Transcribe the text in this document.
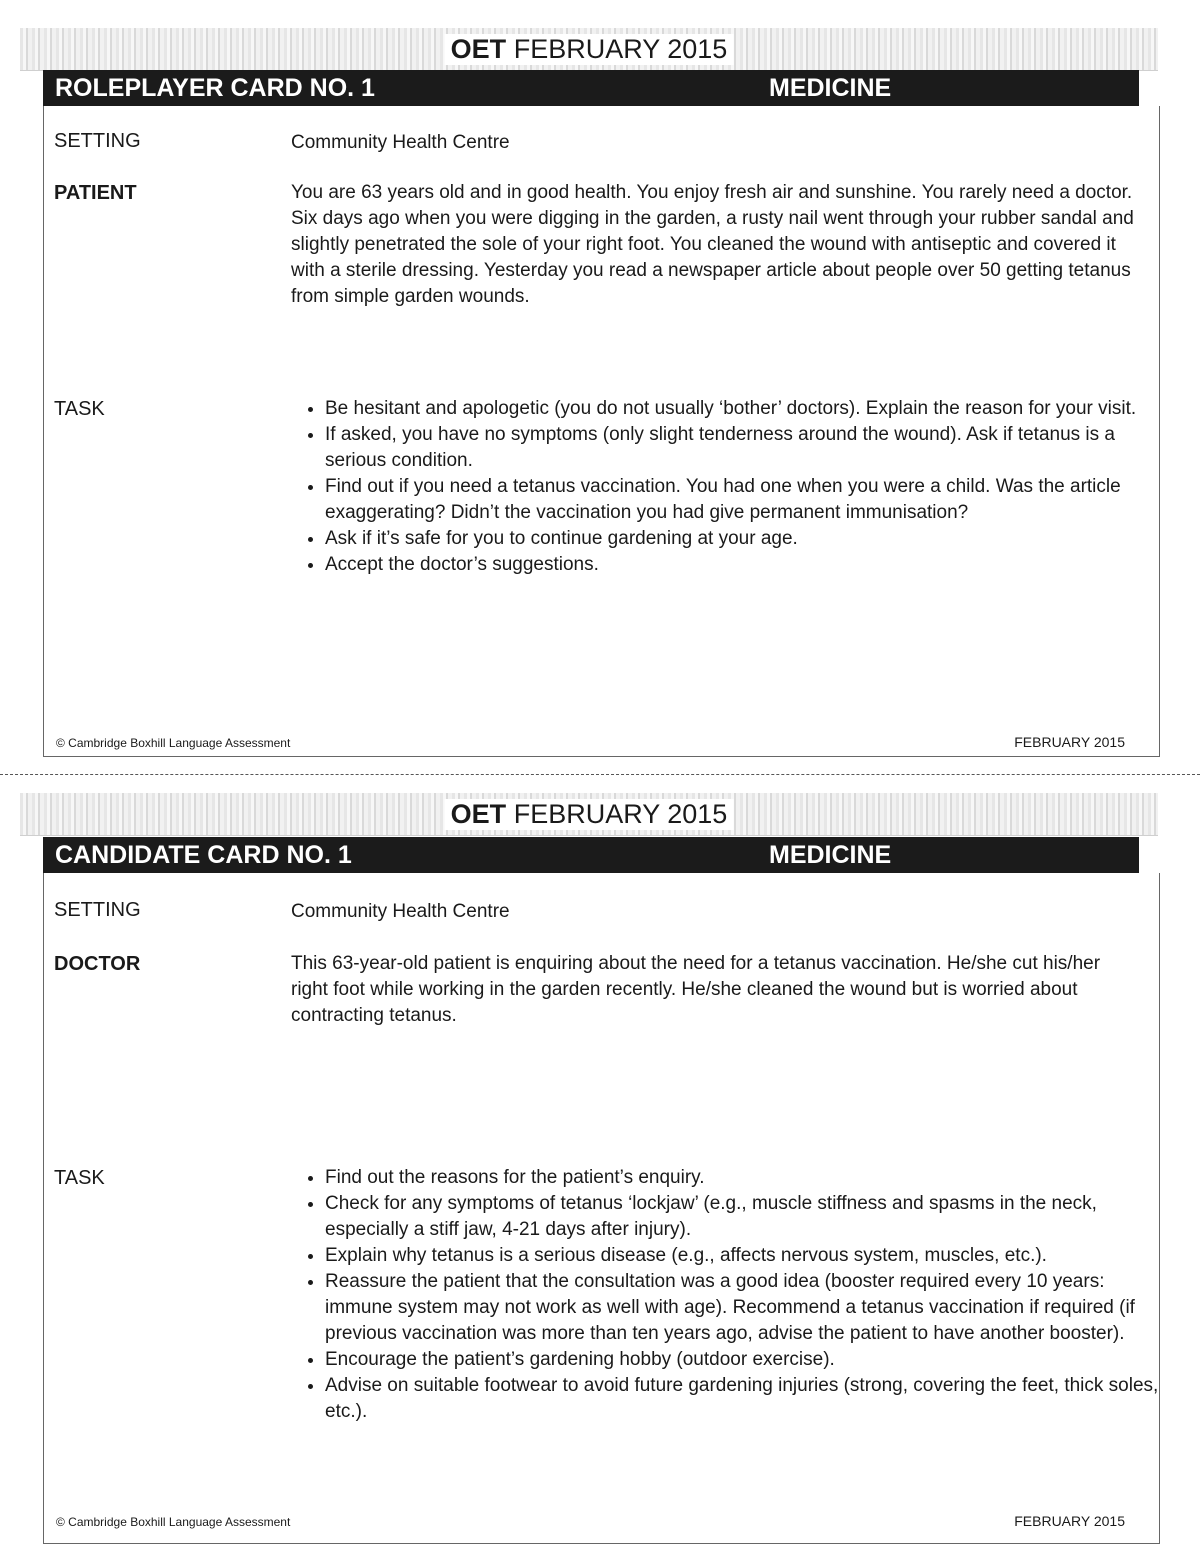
OET FEBRUARY 2015
ROLEPLAYER CARD NO. 1	MEDICINE
SETTING	Community Health Centre
PATIENT	You are 63 years old and in good health. You enjoy fresh air and sunshine. You rarely need a doctor. Six days ago when you were digging in the garden, a rusty nail went through your rubber sandal and slightly penetrated the sole of your right foot. You cleaned the wound with antiseptic and covered it with a sterile dressing. Yesterday you read a newspaper article about people over 50 getting tetanus from simple garden wounds.
TASK	• Be hesitant and apologetic (you do not usually ‘bother’ doctors). Explain the reason for your visit.
• If asked, you have no symptoms (only slight tenderness around the wound). Ask if tetanus is a serious condition.
• Find out if you need a tetanus vaccination. You had one when you were a child. Was the article exaggerating? Didn’t the vaccination you had give permanent immunisation?
• Ask if it’s safe for you to continue gardening at your age.
• Accept the doctor’s suggestions.
© Cambridge Boxhill Language Assessment	FEBRUARY 2015
OET FEBRUARY 2015
CANDIDATE CARD NO. 1	MEDICINE
SETTING	Community Health Centre
DOCTOR	This 63-year-old patient is enquiring about the need for a tetanus vaccination. He/she cut his/her right foot while working in the garden recently. He/she cleaned the wound but is worried about contracting tetanus.
TASK	• Find out the reasons for the patient’s enquiry.
• Check for any symptoms of tetanus ‘lockjaw’ (e.g., muscle stiffness and spasms in the neck, especially a stiff jaw, 4-21 days after injury).
• Explain why tetanus is a serious disease (e.g., affects nervous system, muscles, etc.).
• Reassure the patient that the consultation was a good idea (booster required every 10 years: immune system may not work as well with age). Recommend a tetanus vaccination if required (if previous vaccination was more than ten years ago, advise the patient to have another booster).
• Encourage the patient’s gardening hobby (outdoor exercise).
• Advise on suitable footwear to avoid future gardening injuries (strong, covering the feet, thick soles, etc.).
© Cambridge Boxhill Language Assessment	FEBRUARY 2015
